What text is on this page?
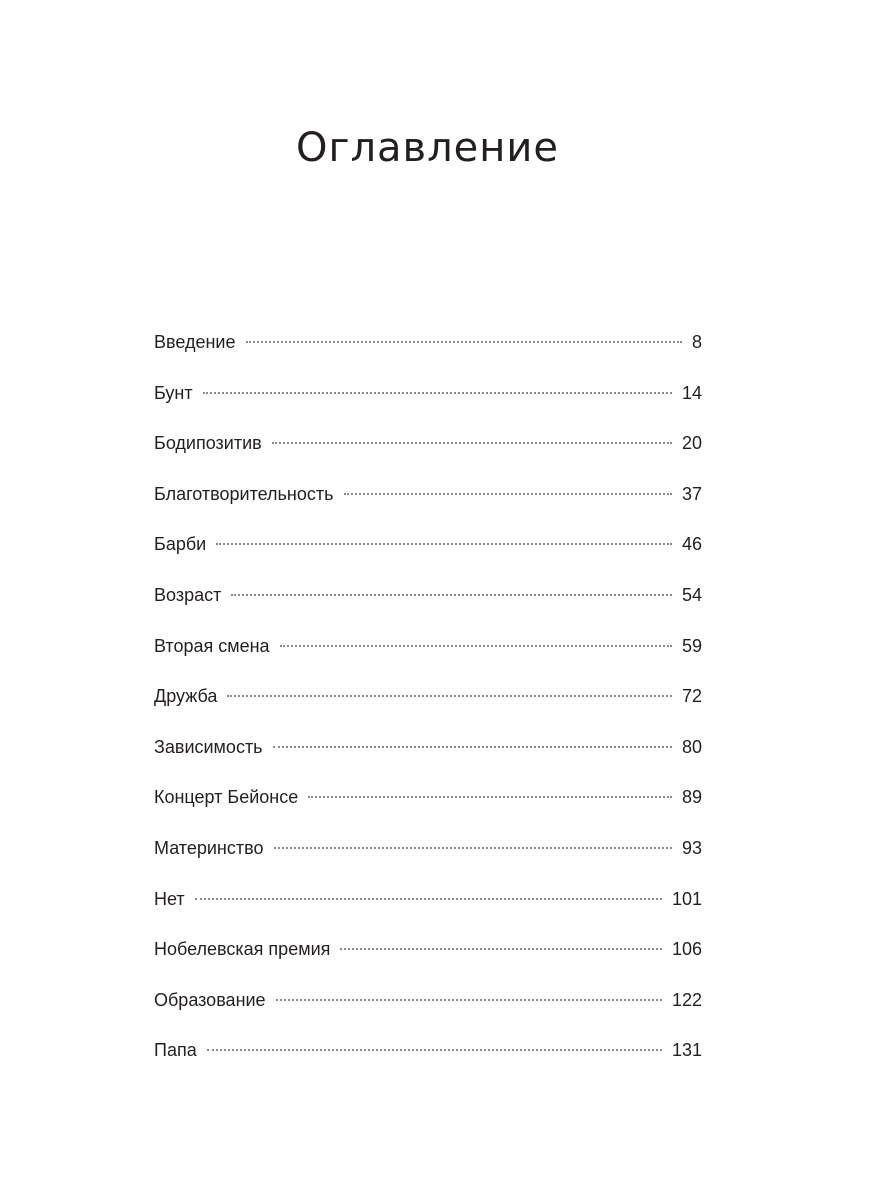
Оглавление
Введение	8
Бунт	14
Бодипозитив	20
Благотворительность	37
Барби	46
Возраст	54
Вторая смена	59
Дружба	72
Зависимость	80
Концерт Бейонсе	89
Материнство	93
Нет	101
Нобелевская премия	106
Образование	122
Папа	131
